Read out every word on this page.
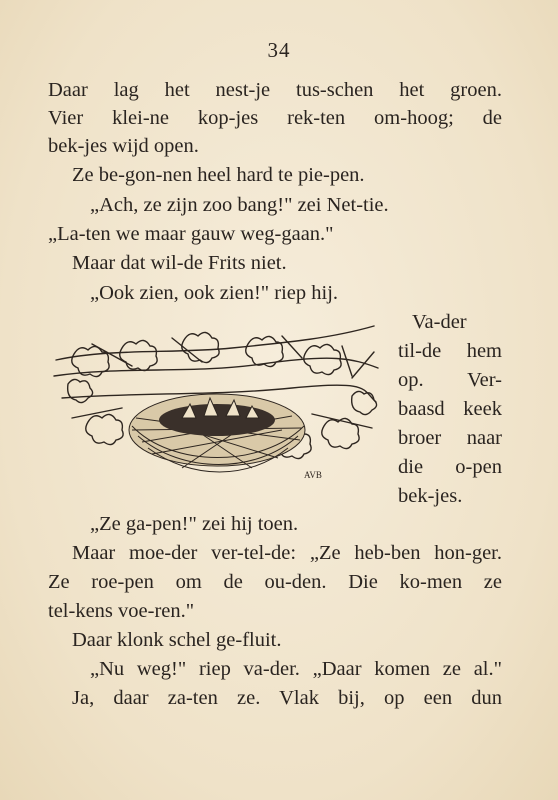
34
Daar lag het nest-je tus-schen het groen.
Vier klei-ne kop-jes rek-ten om-hoog; de
bek-jes wijd open.
Ze be-gon-nen heel hard te pie-pen.
„Ach, ze zijn zoo bang!" zei Net-tie.
„La-ten we maar gauw weg-gaan."
Maar dat wil-de Frits niet.
„Ook zien, ook zien!" riep hij.
Va-der
til-de hem
op. Ver-
baasd keek
broer naar
die o-pen
bek-jes.
AVB
„Ze ga-pen!" zei hij toen.
Maar moe-der ver-tel-de: „Ze heb-ben hon-ger.
Ze roe-pen om de ou-den. Die ko-men ze
tel-kens voe-ren."
Daar klonk schel ge-fluit.
„Nu weg!" riep va-der. „Daar komen ze al."
Ja, daar za-ten ze. Vlak bij, op een dun
